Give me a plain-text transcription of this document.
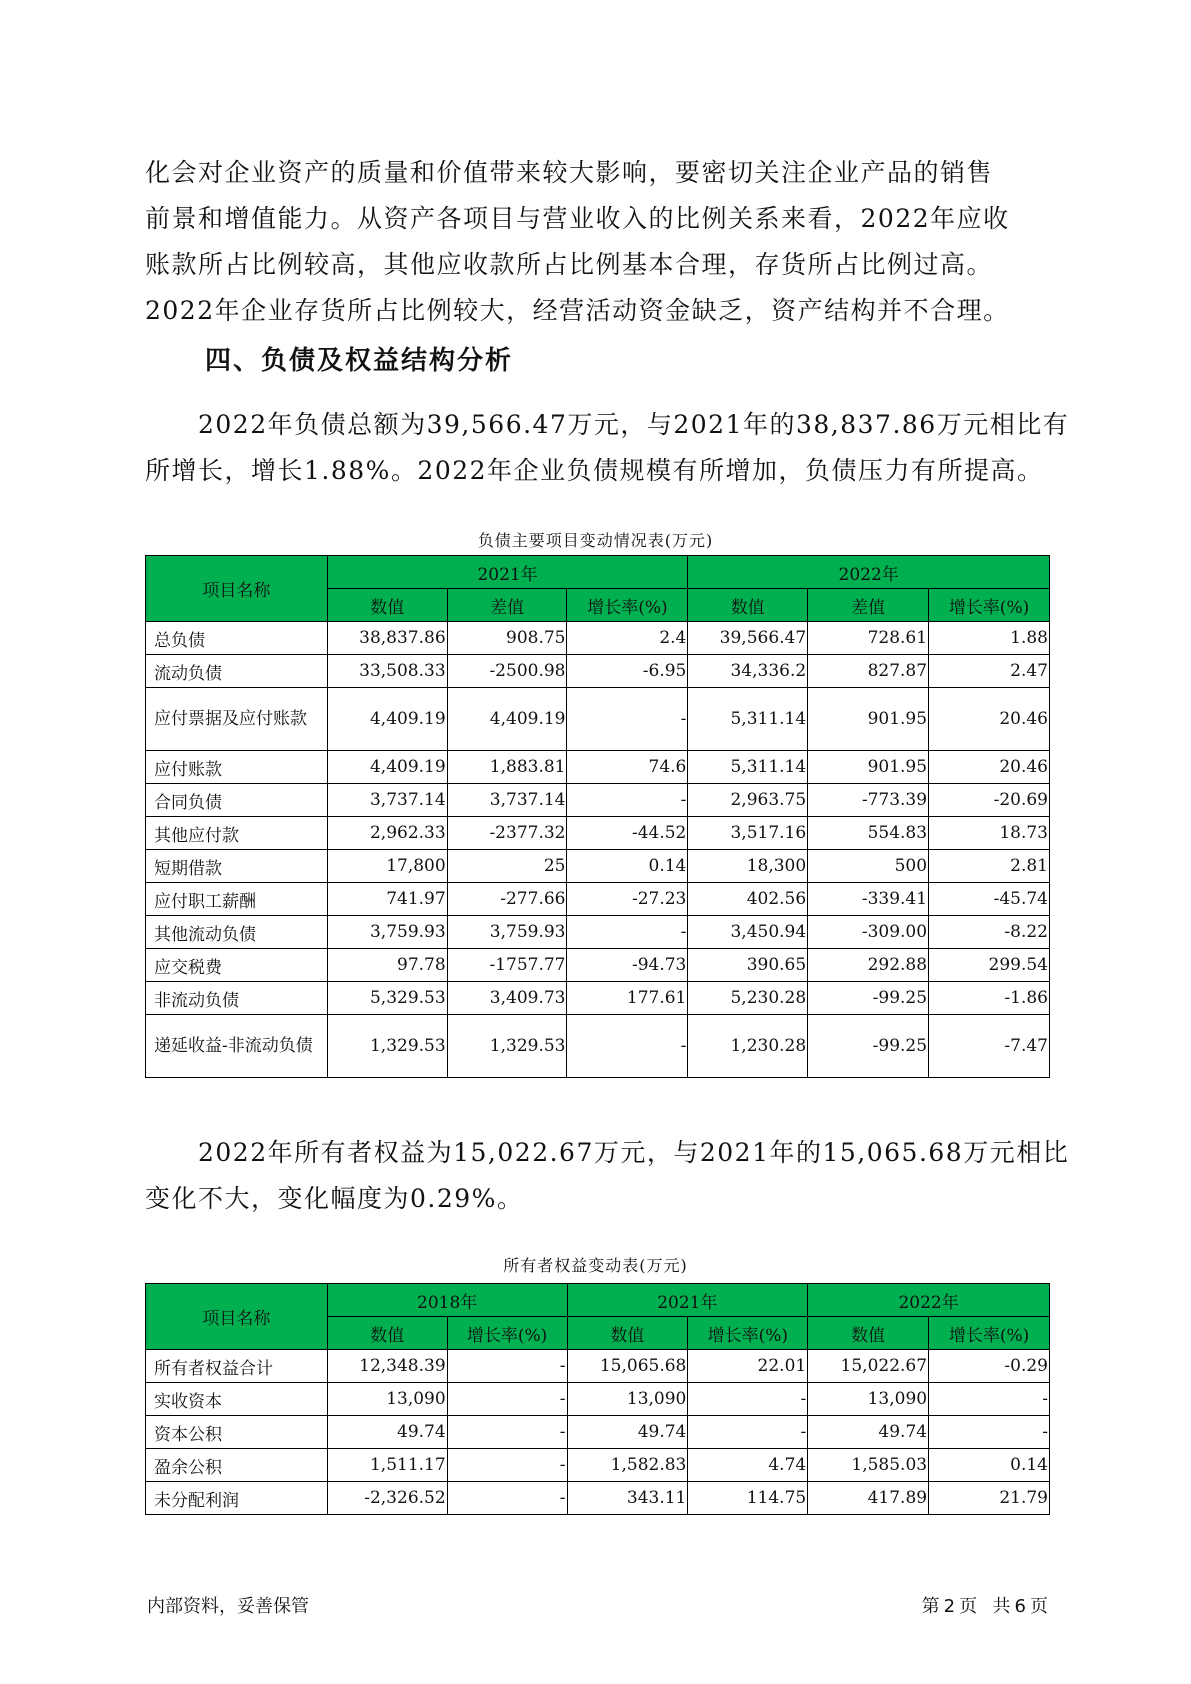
化会对企业资产的质量和价值带来较大影响，要密切关注企业产品的销售
前景和增值能力。从资产各项目与营业收入的比例关系来看，2022年应收
账款所占比例较高，其他应收款所占比例基本合理，存货所占比例过高。
2022年企业存货所占比例较大，经营活动资金缺乏，资产结构并不合理。

四、负债及权益结构分析

　　2022年负债总额为39,566.47万元，与2021年的38,837.86万元相比有
所增长，增长1.88%。2022年企业负债规模有所增加，负债压力有所提高。

负债主要项目变动情况表(万元)
项目名称	2021年			2022年		
	数值	差值	增长率(%)	数值	差值	增长率(%)
总负债	38,837.86	908.75	2.4	39,566.47	728.61	1.88
流动负债	33,508.33	-2500.98	-6.95	34,336.2	827.87	2.47
应付票据及应付账款	4,409.19	4,409.19	-	5,311.14	901.95	20.46
应付账款	4,409.19	1,883.81	74.6	5,311.14	901.95	20.46
合同负债	3,737.14	3,737.14	-	2,963.75	-773.39	-20.69
其他应付款	2,962.33	-2377.32	-44.52	3,517.16	554.83	18.73
短期借款	17,800	25	0.14	18,300	500	2.81
应付职工薪酬	741.97	-277.66	-27.23	402.56	-339.41	-45.74
其他流动负债	3,759.93	3,759.93	-	3,450.94	-309.00	-8.22
应交税费	97.78	-1757.77	-94.73	390.65	292.88	299.54
非流动负债	5,329.53	3,409.73	177.61	5,230.28	-99.25	-1.86
递延收益-非流动负债	1,329.53	1,329.53	-	1,230.28	-99.25	-7.47

　　2022年所有者权益为15,022.67万元，与2021年的15,065.68万元相比
变化不大，变化幅度为0.29%。

所有者权益变动表(万元)
项目名称	2018年		2021年		2022年	
	数值	增长率(%)	数值	增长率(%)	数值	增长率(%)
所有者权益合计	12,348.39	-	15,065.68	22.01	15,022.67	-0.29
实收资本	13,090	-	13,090	-	13,090	-
资本公积	49.74	-	49.74	-	49.74	-
盈余公积	1,511.17	-	1,582.83	4.74	1,585.03	0.14
未分配利润	-2,326.52	-	343.11	114.75	417.89	21.79
内部资料，妥善保管	第 2 页 共 6 页
